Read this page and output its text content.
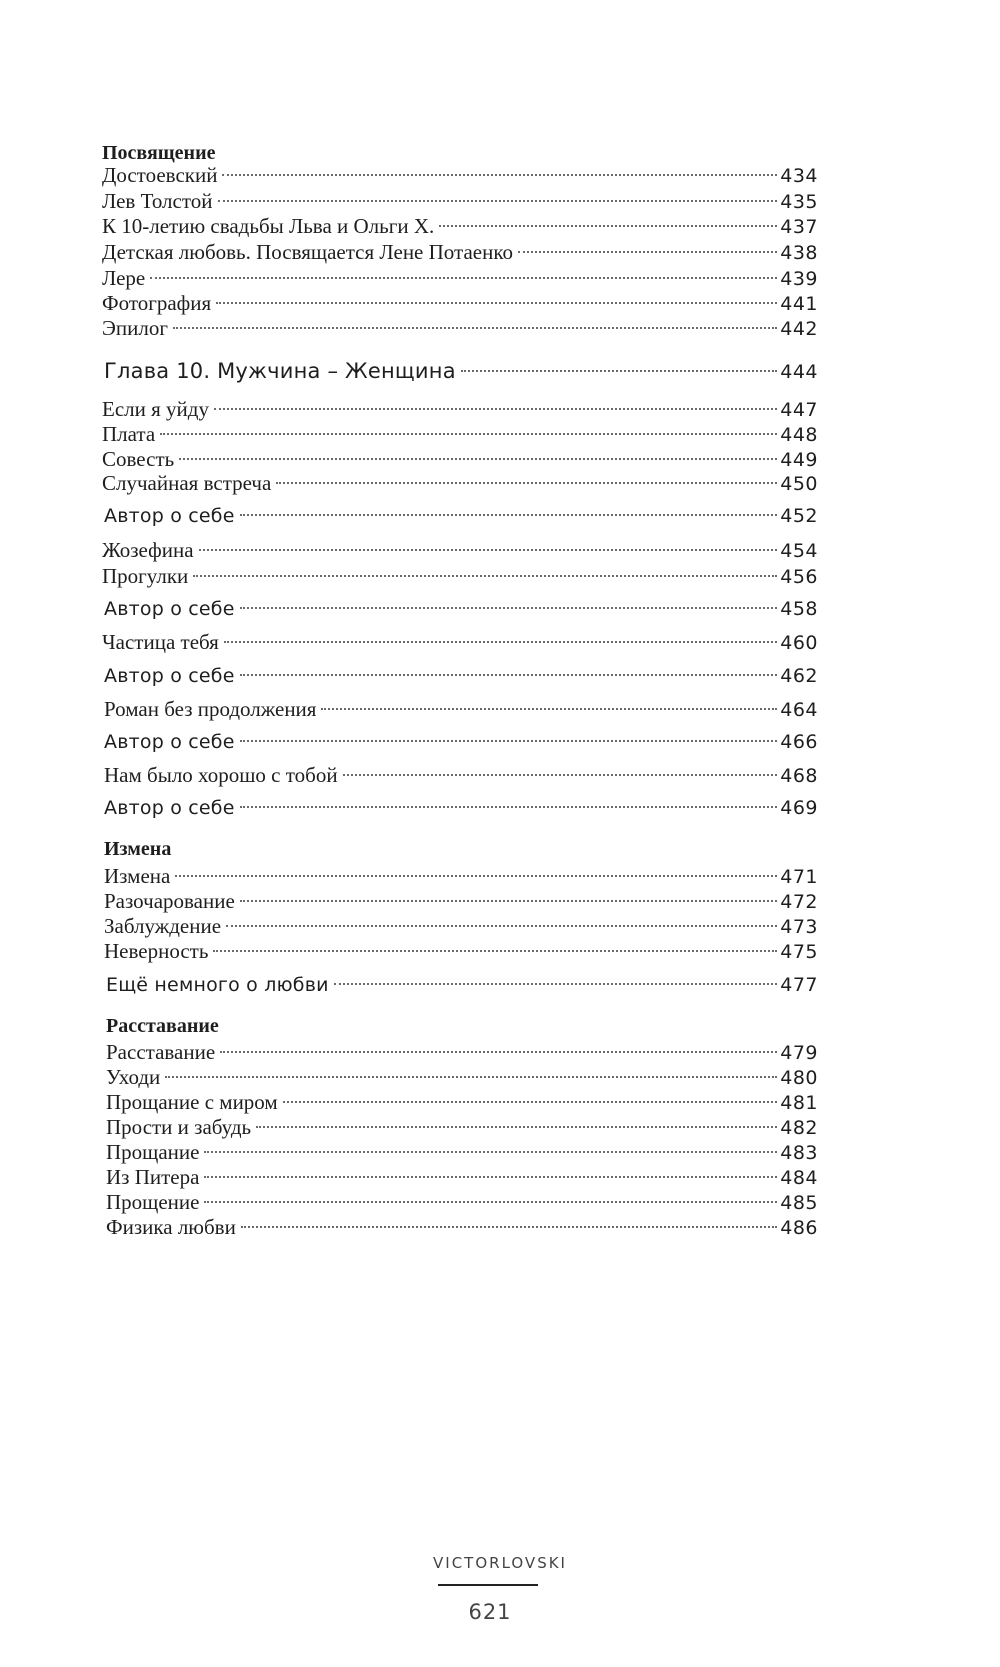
Посвящение
Достоевский	434
Лев Толстой	435
К 10-летию свадьбы Льва и Ольги Х.	437
Детская любовь. Посвящается Лене Потаенко	438
Лере	439
Фотография	441
Эпилог	442
Глава 10. Мужчина – Женщина	444
Если я уйду	447
Плата	448
Совесть	449
Случайная встреча	450
Автор о себе	452
Жозефина	454
Прогулки	456
Автор о себе	458
Частица тебя	460
Автор о себе	462
Роман без продолжения	464
Автор о себе	466
Нам было хорошо с тобой	468
Автор о себе	469
Измена
Измена	471
Разочарование	472
Заблуждение	473
Неверность	475
Ещё немного о любви	477
Расставание
Расставание	479
Уходи	480
Прощание с миром	481
Прости и забудь	482
Прощание	483
Из Питера	484
Прощение	485
Физика любви	486
VICTORLOVSKI
621
